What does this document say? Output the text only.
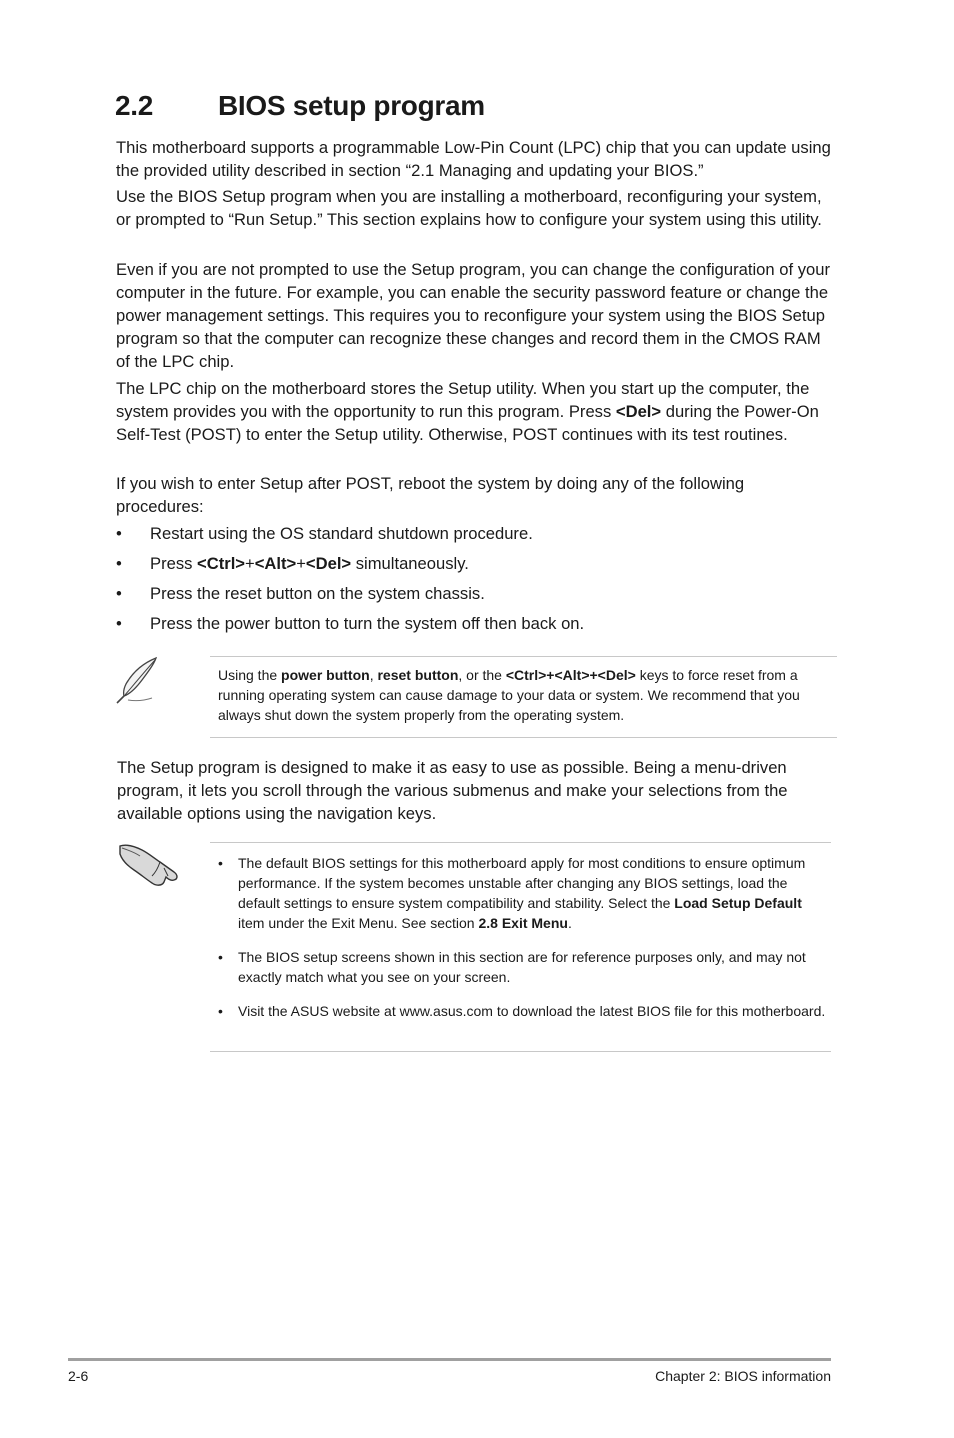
2.2 BIOS setup program

This motherboard supports a programmable Low-Pin Count (LPC) chip that you can update using the provided utility described in section “2.1 Managing and updating your BIOS.”

Use the BIOS Setup program when you are installing a motherboard, reconfiguring your system, or prompted to “Run Setup.” This section explains how to configure your system using this utility.

Even if you are not prompted to use the Setup program, you can change the configuration of your computer in the future. For example, you can enable the security password feature or change the power management settings. This requires you to reconfigure your system using the BIOS Setup program so that the computer can recognize these changes and record them in the CMOS RAM of the LPC chip.

The LPC chip on the motherboard stores the Setup utility. When you start up the computer, the system provides you with the opportunity to run this program. Press <Del> during the Power-On Self-Test (POST) to enter the Setup utility. Otherwise, POST continues with its test routines.

If you wish to enter Setup after POST, reboot the system by doing any of the following procedures:

• Restart using the OS standard shutdown procedure.
• Press <Ctrl>+<Alt>+<Del> simultaneously.
• Press the reset button on the system chassis.
• Press the power button to turn the system off then back on.

Using the power button, reset button, or the <Ctrl>+<Alt>+<Del> keys to force reset from a running operating system can cause damage to your data or system. We recommend that you always shut down the system properly from the operating system.

The Setup program is designed to make it as easy to use as possible. Being a menu-driven program, it lets you scroll through the various submenus and make your selections from the available options using the navigation keys.

• The default BIOS settings for this motherboard apply for most conditions to ensure optimum performance. If the system becomes unstable after changing any BIOS settings, load the default settings to ensure system compatibility and stability. Select the Load Setup Default item under the Exit Menu. See section 2.8 Exit Menu.
• The BIOS setup screens shown in this section are for reference purposes only, and may not exactly match what you see on your screen.
• Visit the ASUS website at www.asus.com to download the latest BIOS file for this motherboard.
2-6	Chapter 2: BIOS information
